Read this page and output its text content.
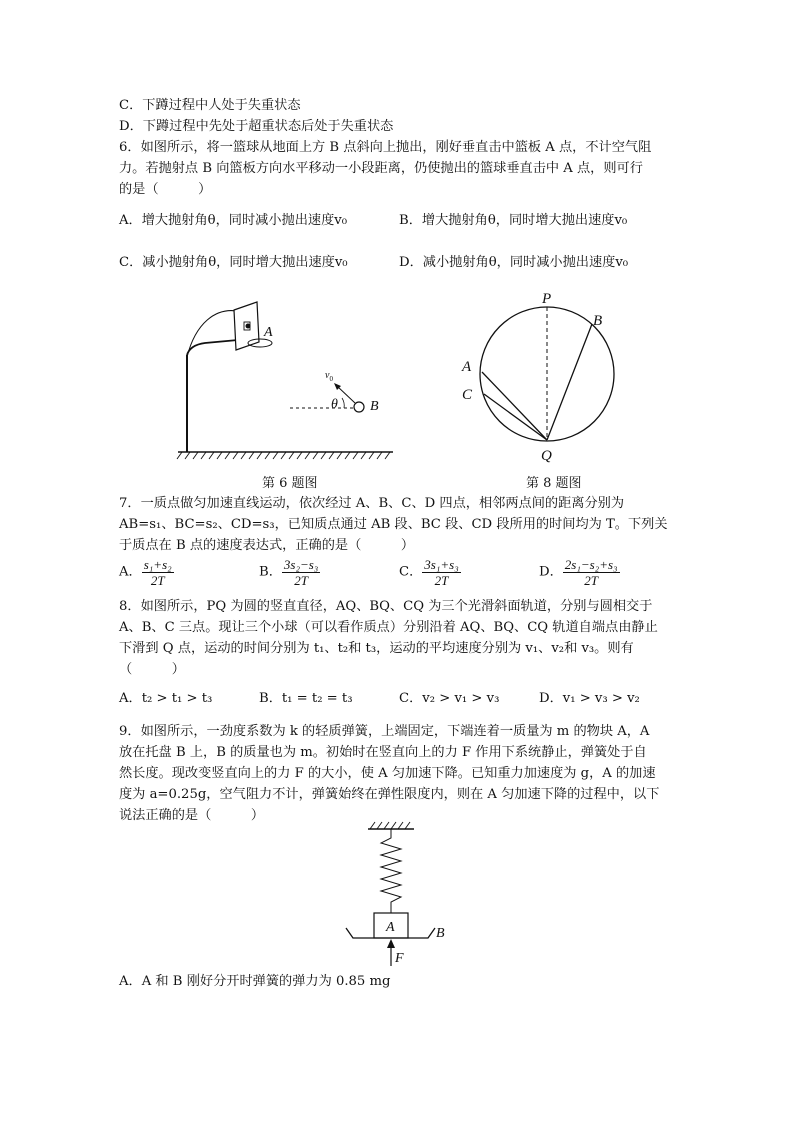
C．下蹲过程中人处于失重状态
D．下蹲过程中先处于超重状态后处于失重状态
6．如图所示，将一篮球从地面上方 B 点斜向上抛出，刚好垂直击中篮板 A 点，不计空气阻
力。若抛射点 B 向篮板方向水平移动一小段距离，仍使抛出的篮球垂直击中 A 点，则可行
的是（　　　）
A．增大抛射角θ，同时减小抛出速度v₀	B．增大抛射角θ，同时增大抛出速度v₀
C．减小抛射角θ，同时增大抛出速度v₀	D．减小抛射角θ，同时减小抛出速度v₀
A
B
θ
$v_0$
第 6 题图
P
B
A
C
Q
第 8 题图
7．一质点做匀加速直线运动，依次经过 A、B、C、D 四点，相邻两点间的距离分别为
AB=s₁、BC=s₂、CD=s₃，已知质点通过 AB 段、BC 段、CD 段所用的时间均为 T。下列关
于质点在 B 点的速度表达式，正确的是（　　　）
A． $\frac{\text{s₁+s₂}}{2T}$	B． $\frac{\text{3s₂−s₃}}{2T}$	C． $\frac{\text{3s₁+s₃}}{2T}$	D． $\frac{\text{2s₁−s₂+s₃}}{2T}$
8．如图所示，PQ 为圆的竖直直径，AQ、BQ、CQ 为三个光滑斜面轨道，分别与圆相交于
A、B、C 三点。现让三个小球（可以看作质点）分别沿着 AQ、BQ、CQ 轨道自端点由静止
下滑到 Q 点，运动的时间分别为 t₁、t₂和 t₃，运动的平均速度分别为 v₁、v₂和 v₃。则有
（　　　）
A．t₂ > t₁ > t₃	B．t₁ = t₂ = t₃	C．v₂ > v₁ > v₃	D．v₁ > v₃ > v₂
9．如图所示，一劲度系数为 k 的轻质弹簧，上端固定，下端连着一质量为 m 的物块 A，A
放在托盘 B 上，B 的质量也为 m。初始时在竖直向上的力 F 作用下系统静止，弹簧处于自
然长度。现改变竖直向上的力 F 的大小，使 A 匀加速下降。已知重力加速度为 g，A 的加速
度为 a=0.25g，空气阻力不计，弹簧始终在弹性限度内，则在 A 匀加速下降的过程中，以下
说法正确的是（　　　）
A	B
F
A．A 和 B 刚好分开时弹簧的弹力为 0.85 mg
